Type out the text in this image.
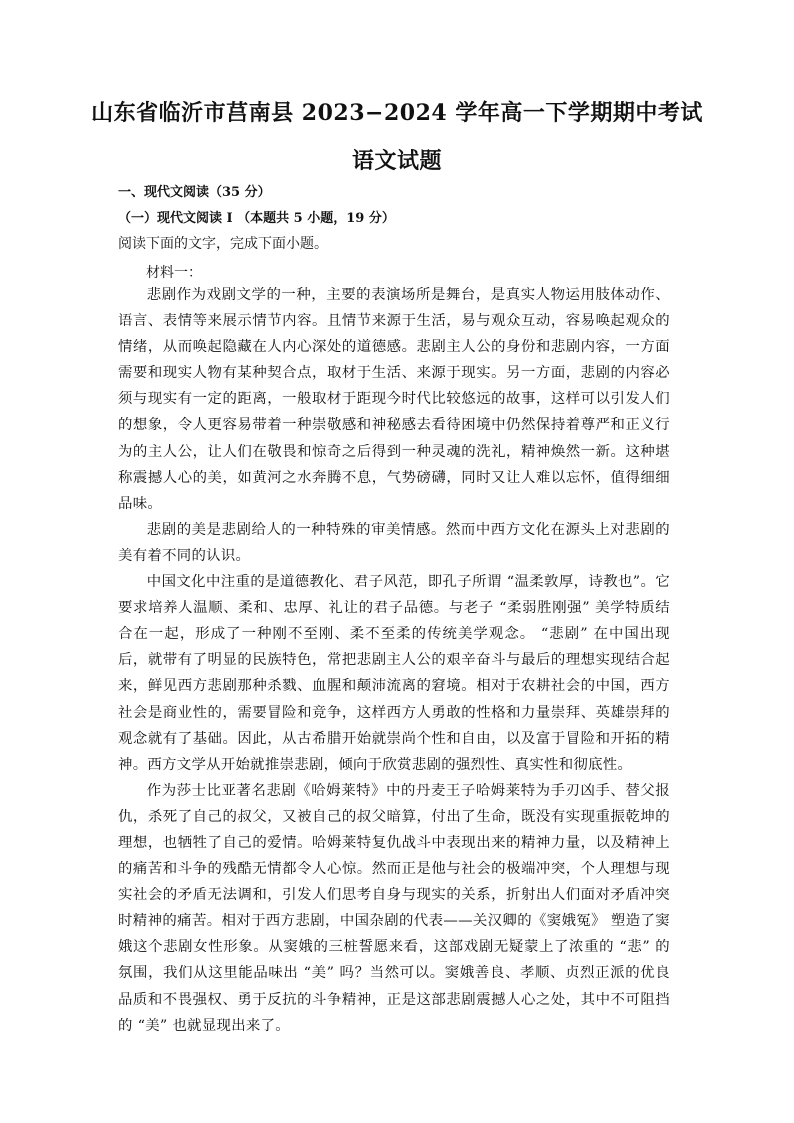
山东省临沂市莒南县 2023−2024 学年高一下学期期中考试
语文试题
一、现代文阅读（35 分）
（一）现代文阅读 I （本题共 5 小题，19 分）
阅读下面的文字，完成下面小题。
材料一：

悲剧作为戏剧文学的一种，主要的表演场所是舞台，是真实人物运用肢体动作、语言、表情等来展示情节内容。且情节来源于生活，易与观众互动，容易唤起观众的情绪，从而唤起隐藏在人内心深处的道德感。悲剧主人公的身份和悲剧内容，一方面需要和现实人物有某种契合点，取材于生活、来源于现实。另一方面，悲剧的内容必须与现实有一定的距离，一般取材于距现今时代比较悠远的故事，这样可以引发人们的想象，令人更容易带着一种崇敬感和神秘感去看待困境中仍然保持着尊严和正义行为的主人公，让人们在敬畏和惊奇之后得到一种灵魂的洗礼，精神焕然一新。这种堪称震撼人心的美，如黄河之水奔腾不息，气势磅礴，同时又让人难以忘怀，值得细细品味。

悲剧的美是悲剧给人的一种特殊的审美情感。然而中西方文化在源头上对悲剧的美有着不同的认识。

中国文化中注重的是道德教化、君子风范，即孔子所谓 “温柔敦厚，诗教也”。它要求培养人温顺、柔和、忠厚、礼让的君子品德。与老子 “柔弱胜刚强” 美学特质结合在一起，形成了一种刚不至刚、柔不至柔的传统美学观念。 “悲剧” 在中国出现后，就带有了明显的民族特色，常把悲剧主人公的艰辛奋斗与最后的理想实现结合起来，鲜见西方悲剧那种杀戮、血腥和颠沛流离的窘境。相对于农耕社会的中国，西方社会是商业性的，需要冒险和竞争，这样西方人勇敢的性格和力量崇拜、英雄崇拜的观念就有了基础。因此，从古希腊开始就崇尚个性和自由，以及富于冒险和开拓的精神。西方文学从开始就推崇悲剧，倾向于欣赏悲剧的强烈性、真实性和彻底性。

作为莎士比亚著名悲剧《哈姆莱特》中的丹麦王子哈姆莱特为手刃凶手、替父报仇，杀死了自己的叔父，又被自己的叔父暗算，付出了生命，既没有实现重振乾坤的理想，也牺牲了自己的爱情。哈姆莱特复仇战斗中表现出来的精神力量，以及精神上的痛苦和斗争的残酷无情都令人心惊。然而正是他与社会的极端冲突，个人理想与现实社会的矛盾无法调和，引发人们思考自身与现实的关系，折射出人们面对矛盾冲突时精神的痛苦。相对于西方悲剧，中国杂剧的代表——关汉卿的《窦娥冤》 塑造了窦娥这个悲剧女性形象。从窦娥的三桩誓愿来看，这部戏剧无疑蒙上了浓重的 “悲” 的氛围，我们从这里能品味出 “美” 吗？当然可以。窦娥善良、孝顺、贞烈正派的优良品质和不畏强权、勇于反抗的斗争精神，正是这部悲剧震撼人心之处，其中不可阻挡的 “美” 也就显现出来了。
